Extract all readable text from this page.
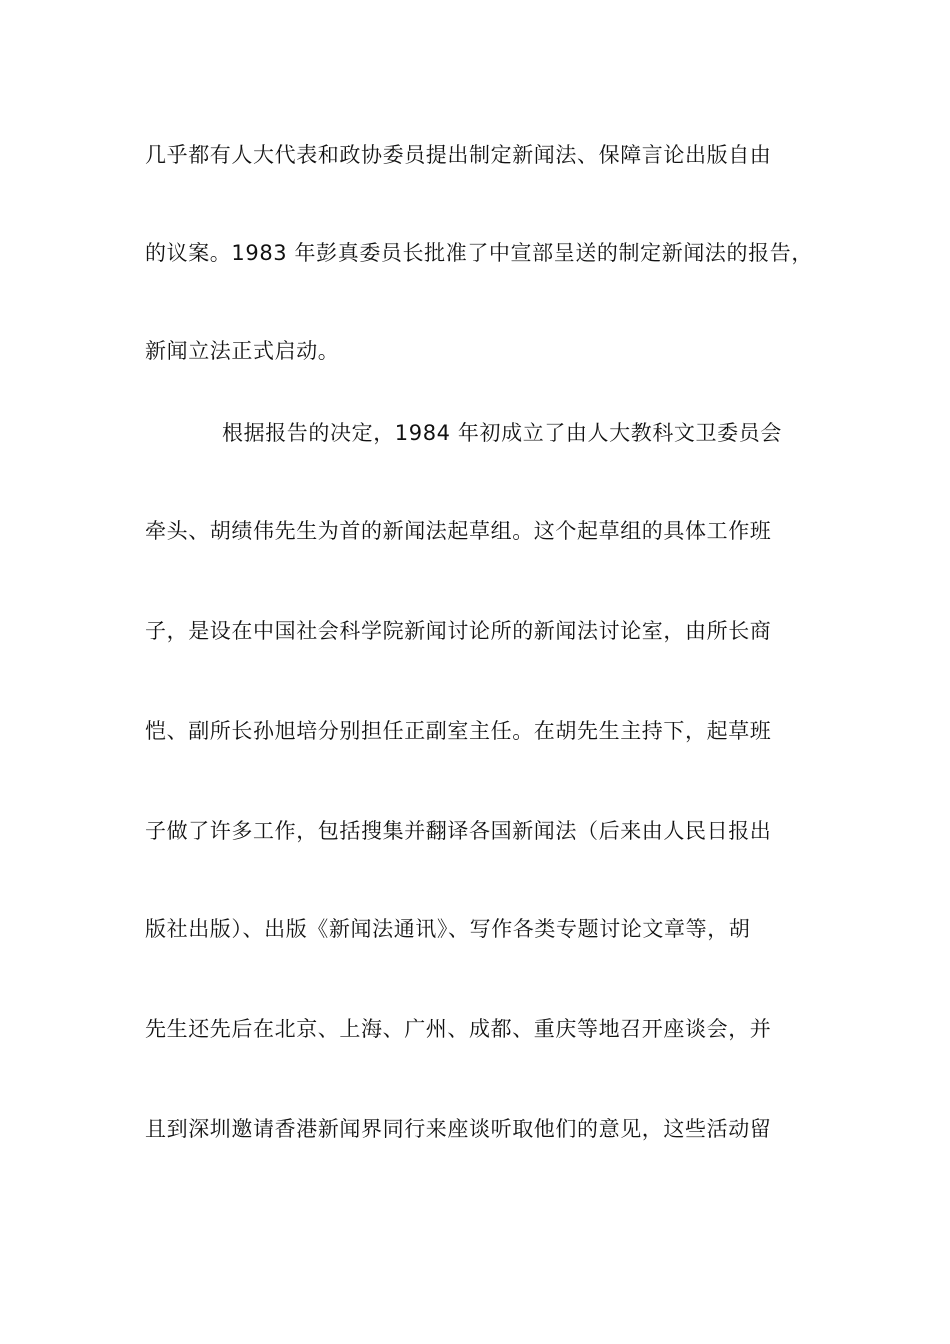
几乎都有人大代表和政协委员提出制定新闻法、保障言论出版自由
的议案。1983 年彭真委员长批准了中宣部呈送的制定新闻法的报告，
新闻立法正式启动。
根据报告的决定，1984 年初成立了由人大教科文卫委员会
牵头、胡绩伟先生为首的新闻法起草组。这个起草组的具体工作班
子，是设在中国社会科学院新闻讨论所的新闻法讨论室，由所长商
恺、副所长孙旭培分别担任正副室主任。在胡先生主持下，起草班
子做了许多工作，包括搜集并翻译各国新闻法（后来由人民日报出
版社出版）、出版《新闻法通讯》、写作各类专题讨论文章等，胡
先生还先后在北京、上海、广州、成都、重庆等地召开座谈会，并
且到深圳邀请香港新闻界同行来座谈听取他们的意见，这些活动留
